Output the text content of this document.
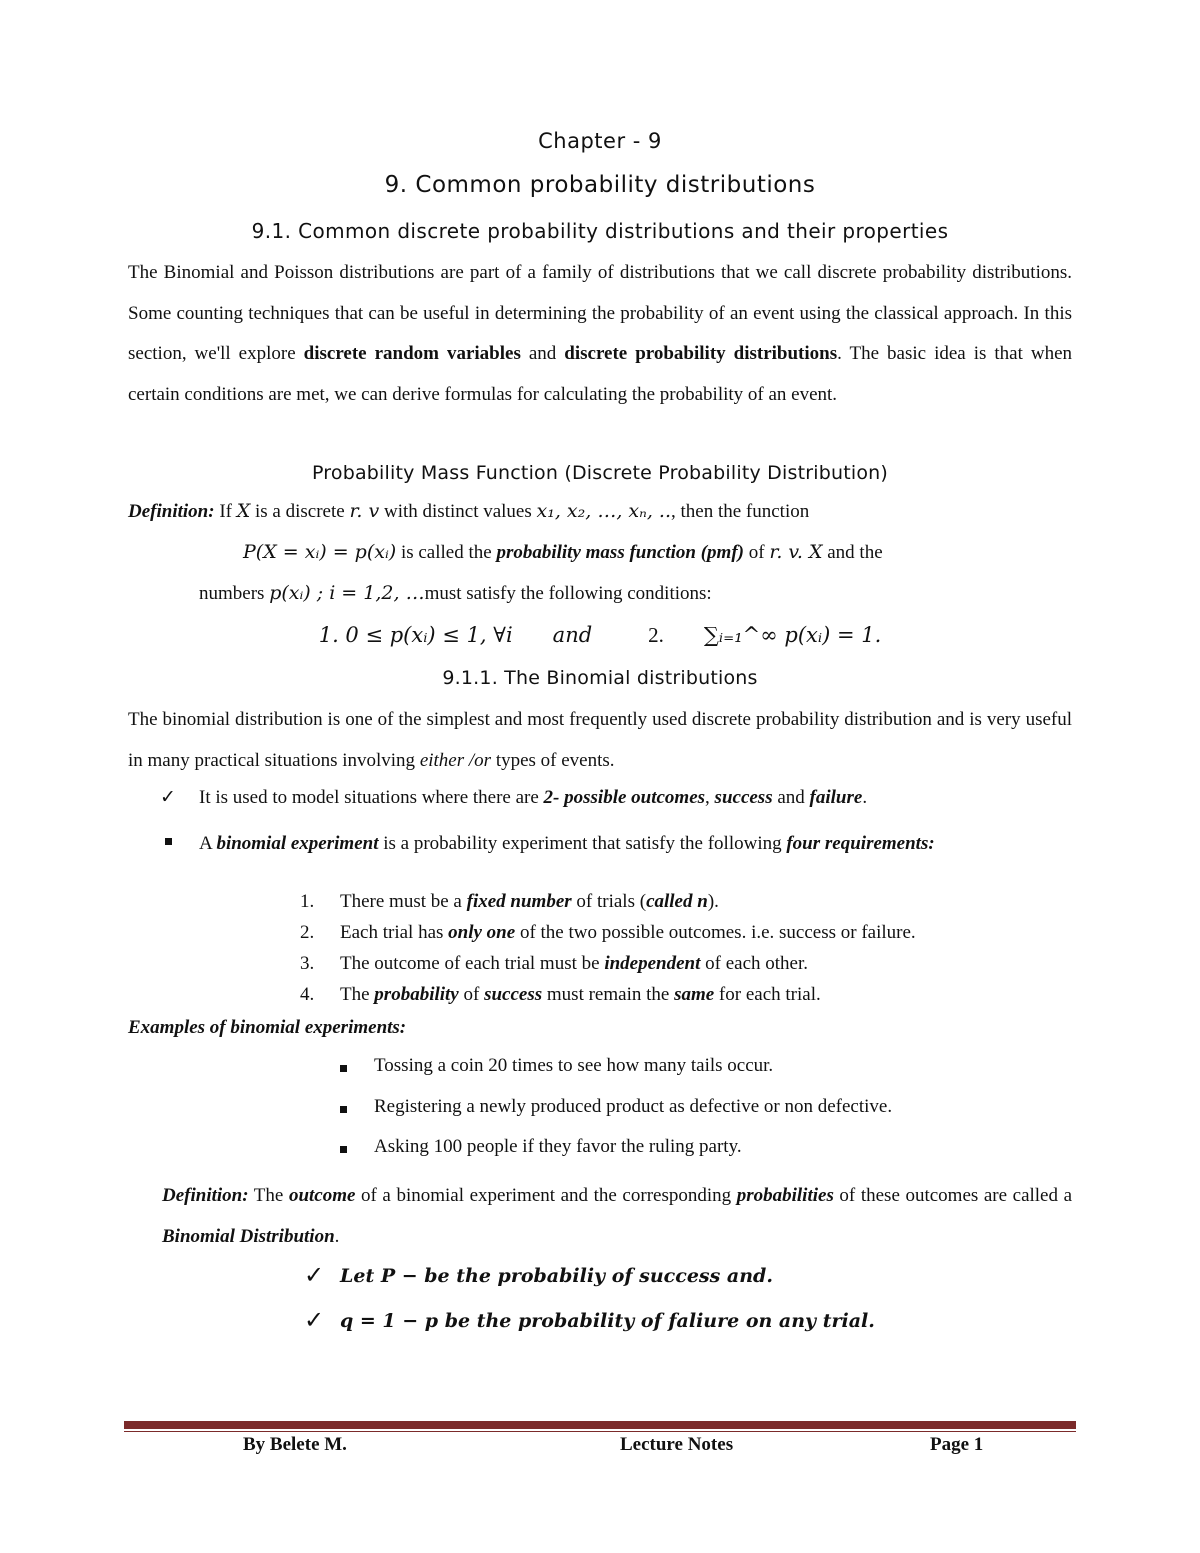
Chapter - 9
9. Common probability distributions
9.1. Common discrete probability distributions and their properties
The Binomial and Poisson distributions are part of a family of distributions that we call discrete probability distributions. Some counting techniques that can be useful in determining the probability of an event using the classical approach. In this section, we'll explore discrete random variables and discrete probability distributions. The basic idea is that when certain conditions are met, we can derive formulas for calculating the probability of an event.
Probability Mass Function (Discrete Probability Distribution)
Definition: If X is a discrete r. v with distinct values x₁, x₂, …, xₙ, .., then the function
P(X = xᵢ) = p(xᵢ) is called the probability mass function (pmf) of r. v. X and the
numbers p(xᵢ) ; i = 1,2, …must satisfy the following conditions:
1. 0 ≤ p(xᵢ) ≤ 1, ∀i and	2. ∑ᵢ₌₁^∞ p(xᵢ) = 1.
9.1.1. The Binomial distributions
The binomial distribution is one of the simplest and most frequently used discrete probability distribution and is very useful in many practical situations involving either /or types of events.
✓ It is used to model situations where there are 2- possible outcomes, success and failure.
A binomial experiment is a probability experiment that satisfy the following four requirements:
1. There must be a fixed number of trials (called n).
2. Each trial has only one of the two possible outcomes. i.e. success or failure.
3. The outcome of each trial must be independent of each other.
4. The probability of success must remain the same for each trial.
Examples of binomial experiments:
Tossing a coin 20 times to see how many tails occur.
Registering a newly produced product as defective or non defective.
Asking 100 people if they favor the ruling party.
Definition: The outcome of a binomial experiment and the corresponding probabilities of these outcomes are called a Binomial Distribution.
✓ Let P − be the probabiliy of success and.
✓ q = 1 − p be the probability of faliure on any trial.
By Belete M.	Lecture Notes	Page 1
